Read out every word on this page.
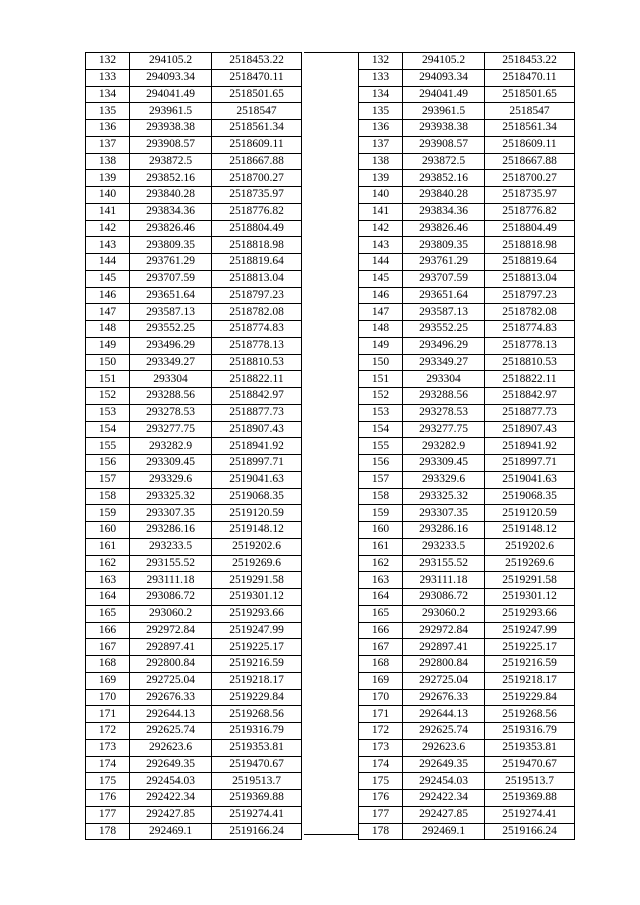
132	294105.2	2518453.22
133	294093.34	2518470.11
134	294041.49	2518501.65
135	293961.5	2518547
136	293938.38	2518561.34
137	293908.57	2518609.11
138	293872.5	2518667.88
139	293852.16	2518700.27
140	293840.28	2518735.97
141	293834.36	2518776.82
142	293826.46	2518804.49
143	293809.35	2518818.98
144	293761.29	2518819.64
145	293707.59	2518813.04
146	293651.64	2518797.23
147	293587.13	2518782.08
148	293552.25	2518774.83
149	293496.29	2518778.13
150	293349.27	2518810.53
151	293304	2518822.11
152	293288.56	2518842.97
153	293278.53	2518877.73
154	293277.75	2518907.43
155	293282.9	2518941.92
156	293309.45	2518997.71
157	293329.6	2519041.63
158	293325.32	2519068.35
159	293307.35	2519120.59
160	293286.16	2519148.12
161	293233.5	2519202.6
162	293155.52	2519269.6
163	293111.18	2519291.58
164	293086.72	2519301.12
165	293060.2	2519293.66
166	292972.84	2519247.99
167	292897.41	2519225.17
168	292800.84	2519216.59
169	292725.04	2519218.17
170	292676.33	2519229.84
171	292644.13	2519268.56
172	292625.74	2519316.79
173	292623.6	2519353.81
174	292649.35	2519470.67
175	292454.03	2519513.7
176	292422.34	2519369.88
177	292427.85	2519274.41
178	292469.1	2519166.24
132	294105.2	2518453.22
133	294093.34	2518470.11
134	294041.49	2518501.65
135	293961.5	2518547
136	293938.38	2518561.34
137	293908.57	2518609.11
138	293872.5	2518667.88
139	293852.16	2518700.27
140	293840.28	2518735.97
141	293834.36	2518776.82
142	293826.46	2518804.49
143	293809.35	2518818.98
144	293761.29	2518819.64
145	293707.59	2518813.04
146	293651.64	2518797.23
147	293587.13	2518782.08
148	293552.25	2518774.83
149	293496.29	2518778.13
150	293349.27	2518810.53
151	293304	2518822.11
152	293288.56	2518842.97
153	293278.53	2518877.73
154	293277.75	2518907.43
155	293282.9	2518941.92
156	293309.45	2518997.71
157	293329.6	2519041.63
158	293325.32	2519068.35
159	293307.35	2519120.59
160	293286.16	2519148.12
161	293233.5	2519202.6
162	293155.52	2519269.6
163	293111.18	2519291.58
164	293086.72	2519301.12
165	293060.2	2519293.66
166	292972.84	2519247.99
167	292897.41	2519225.17
168	292800.84	2519216.59
169	292725.04	2519218.17
170	292676.33	2519229.84
171	292644.13	2519268.56
172	292625.74	2519316.79
173	292623.6	2519353.81
174	292649.35	2519470.67
175	292454.03	2519513.7
176	292422.34	2519369.88
177	292427.85	2519274.41
178	292469.1	2519166.24
